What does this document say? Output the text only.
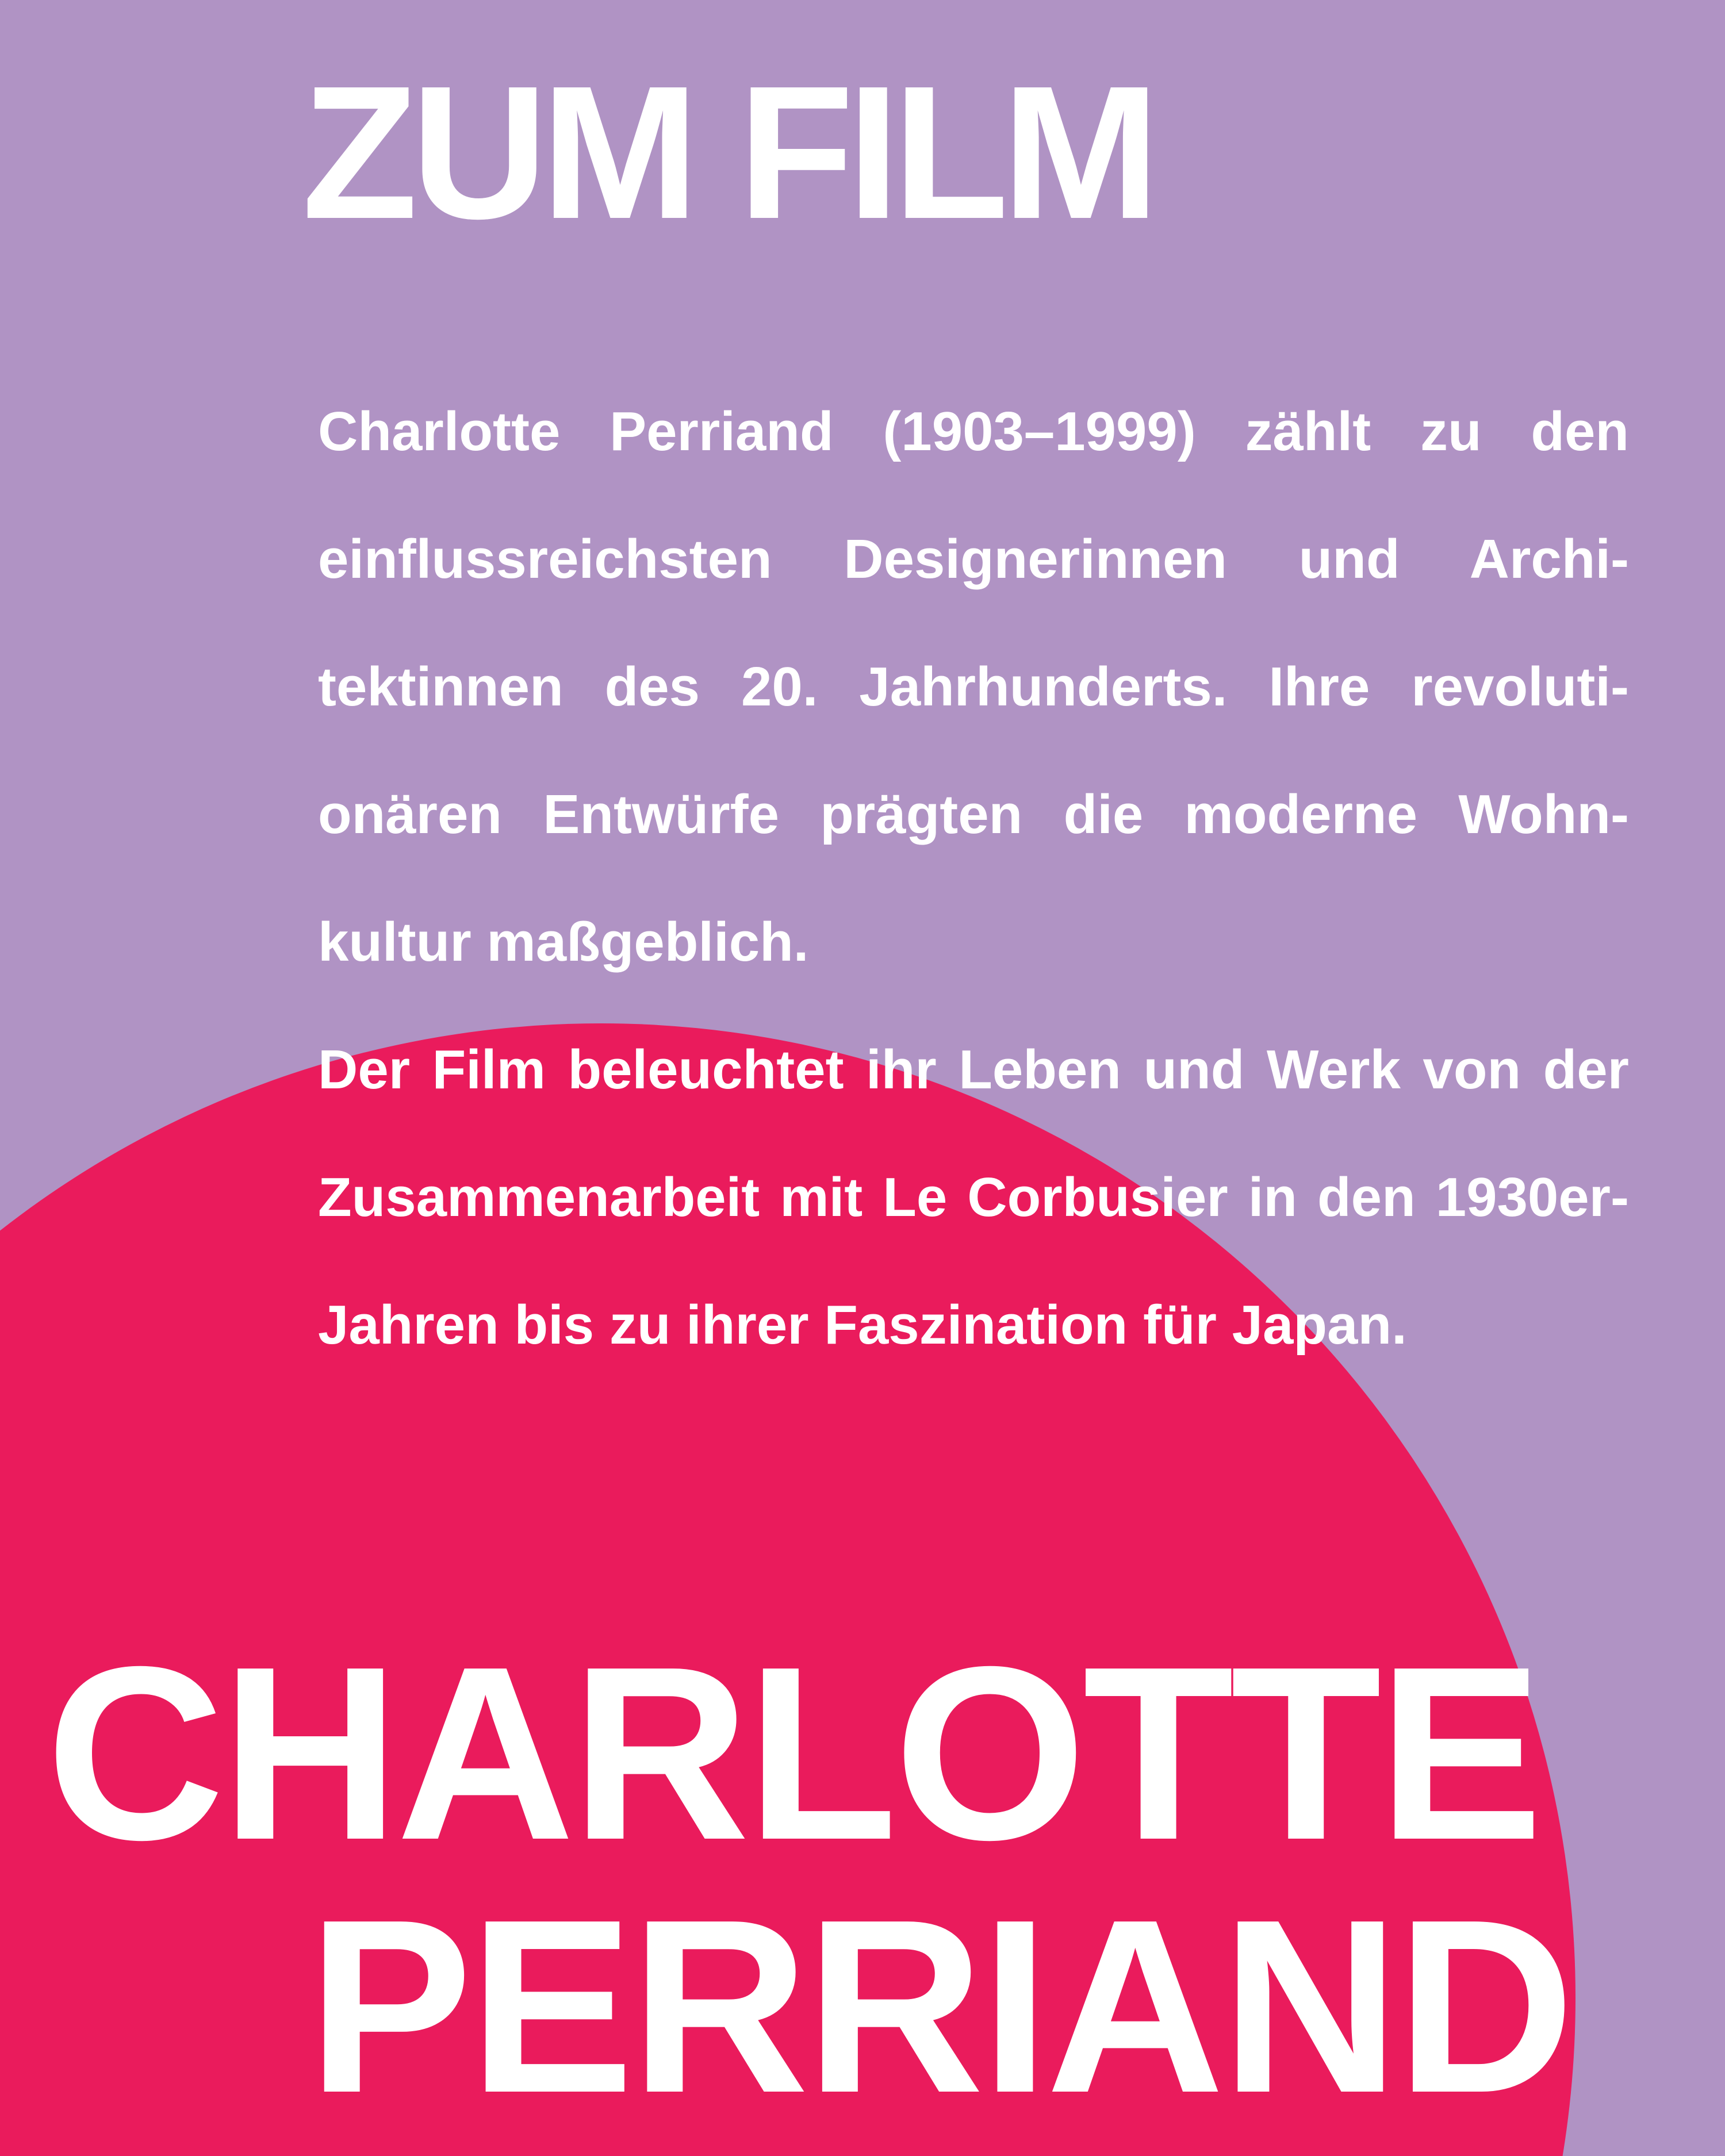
ZUM FILM

Charlotte Perriand (1903–1999) zählt zu den einflussreichsten Designerinnen und Archi-tektinnen des 20. Jahrhunderts. Ihre revoluti-onären Entwürfe prägten die moderne Wohn-kultur maßgeblich.

Der Film beleuchtet ihr Leben und Werk von der Zusammenarbeit mit Le Corbusier in den 1930er-Jahren bis zu ihrer Faszination für Japan.

CHARLOTTE
PERRIAND
